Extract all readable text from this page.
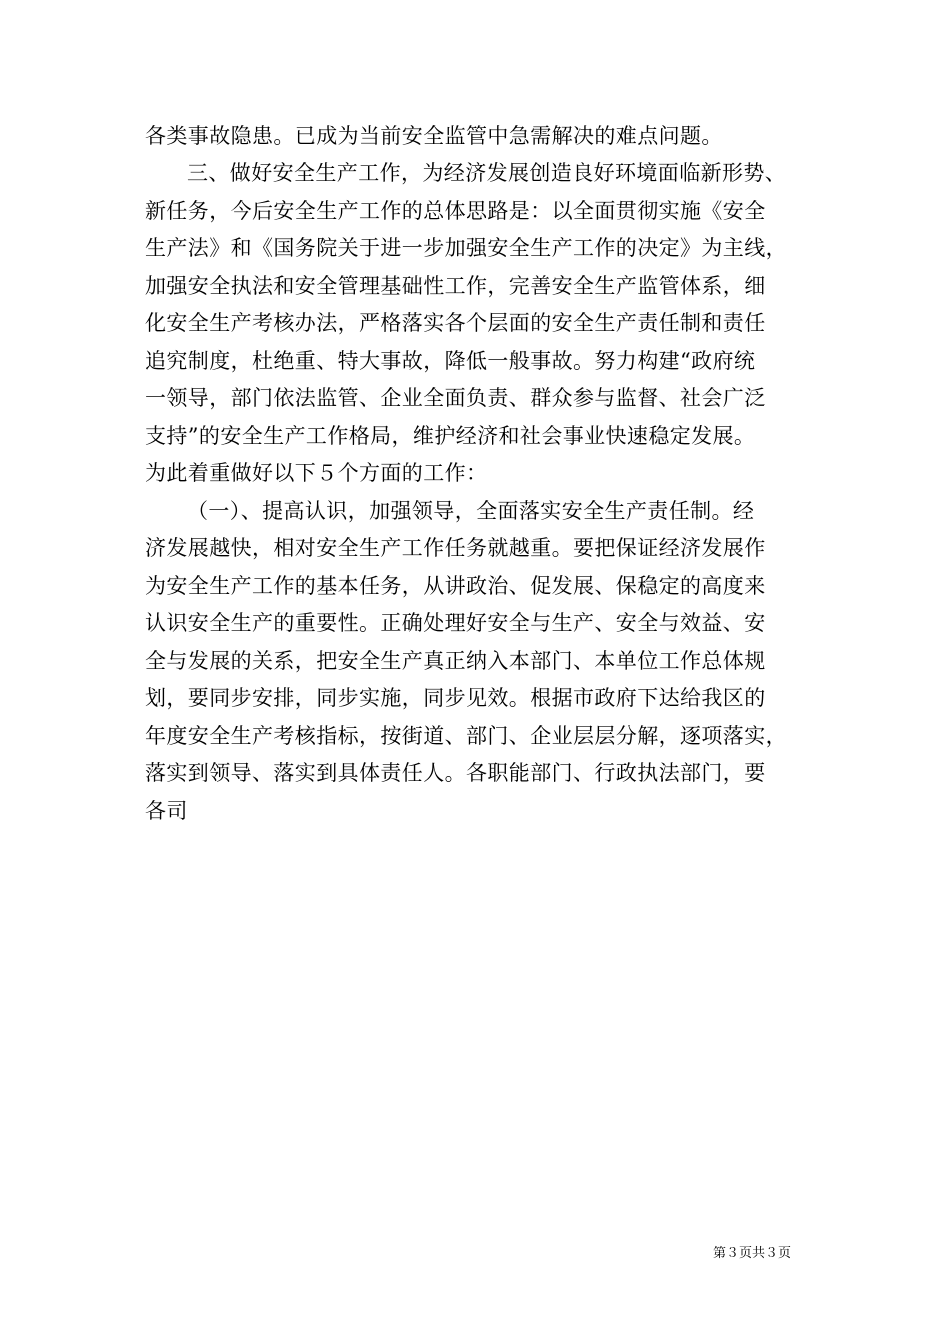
各类事故隐患。已成为当前安全监管中急需解决的难点问题。
三、做好安全生产工作，为经济发展创造良好环境面临新形势、
新任务，今后安全生产工作的总体思路是：以全面贯彻实施《安全
生产法》和《国务院关于进一步加强安全生产工作的决定》为主线，
加强安全执法和安全管理基础性工作，完善安全生产监管体系，细
化安全生产考核办法，严格落实各个层面的安全生产责任制和责任
追究制度，杜绝重、特大事故，降低一般事故。努力构建“政府统
一领导，部门依法监管、企业全面负责、群众参与监督、社会广泛
支持”的安全生产工作格局，维护经济和社会事业快速稳定发展。
为此着重做好以下５个方面的工作：
（一）、提高认识，加强领导，全面落实安全生产责任制。经
济发展越快，相对安全生产工作任务就越重。要把保证经济发展作
为安全生产工作的基本任务，从讲政治、促发展、保稳定的高度来
认识安全生产的重要性。正确处理好安全与生产、安全与效益、安
全与发展的关系，把安全生产真正纳入本部门、本单位工作总体规
划，要同步安排，同步实施，同步见效。根据市政府下达给我区的
年度安全生产考核指标，按街道、部门、企业层层分解，逐项落实，
落实到领导、落实到具体责任人。各职能部门、行政执法部门，要
各司
第３页共３页
